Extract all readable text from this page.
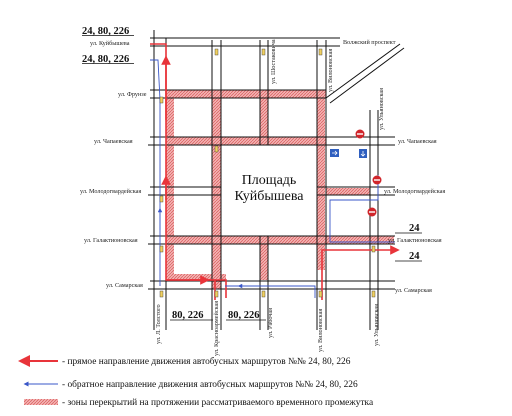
Площадь
Куйбышева
ул. Куйбышева
ул. Фрунзе
ул. Чапаевская
ул. Молодогвардейская
ул. Галактионовская
ул. Самарская
Волжский проспект
ул. Чапаевская
ул. Молодогвардейская
ул. Галактионовская
ул. Самарская
ул. Шостаковича	ул. Вилоновская
ул. Ульяновская
ул. Л. Толстого	ул. Красноармейская	ул. Рабочая	ул. Вилоновская	ул. Ульяновская
24, 80, 226
24, 80, 226
80, 226 80, 226
24
24
- прямое направление движения автобусных маршрутов №№ 24, 80, 226
- обратное направление движения автобусных маршрутов №№ 24, 80, 226
- зоны перекрытий на протяжении рассматриваемого временного промежутка
